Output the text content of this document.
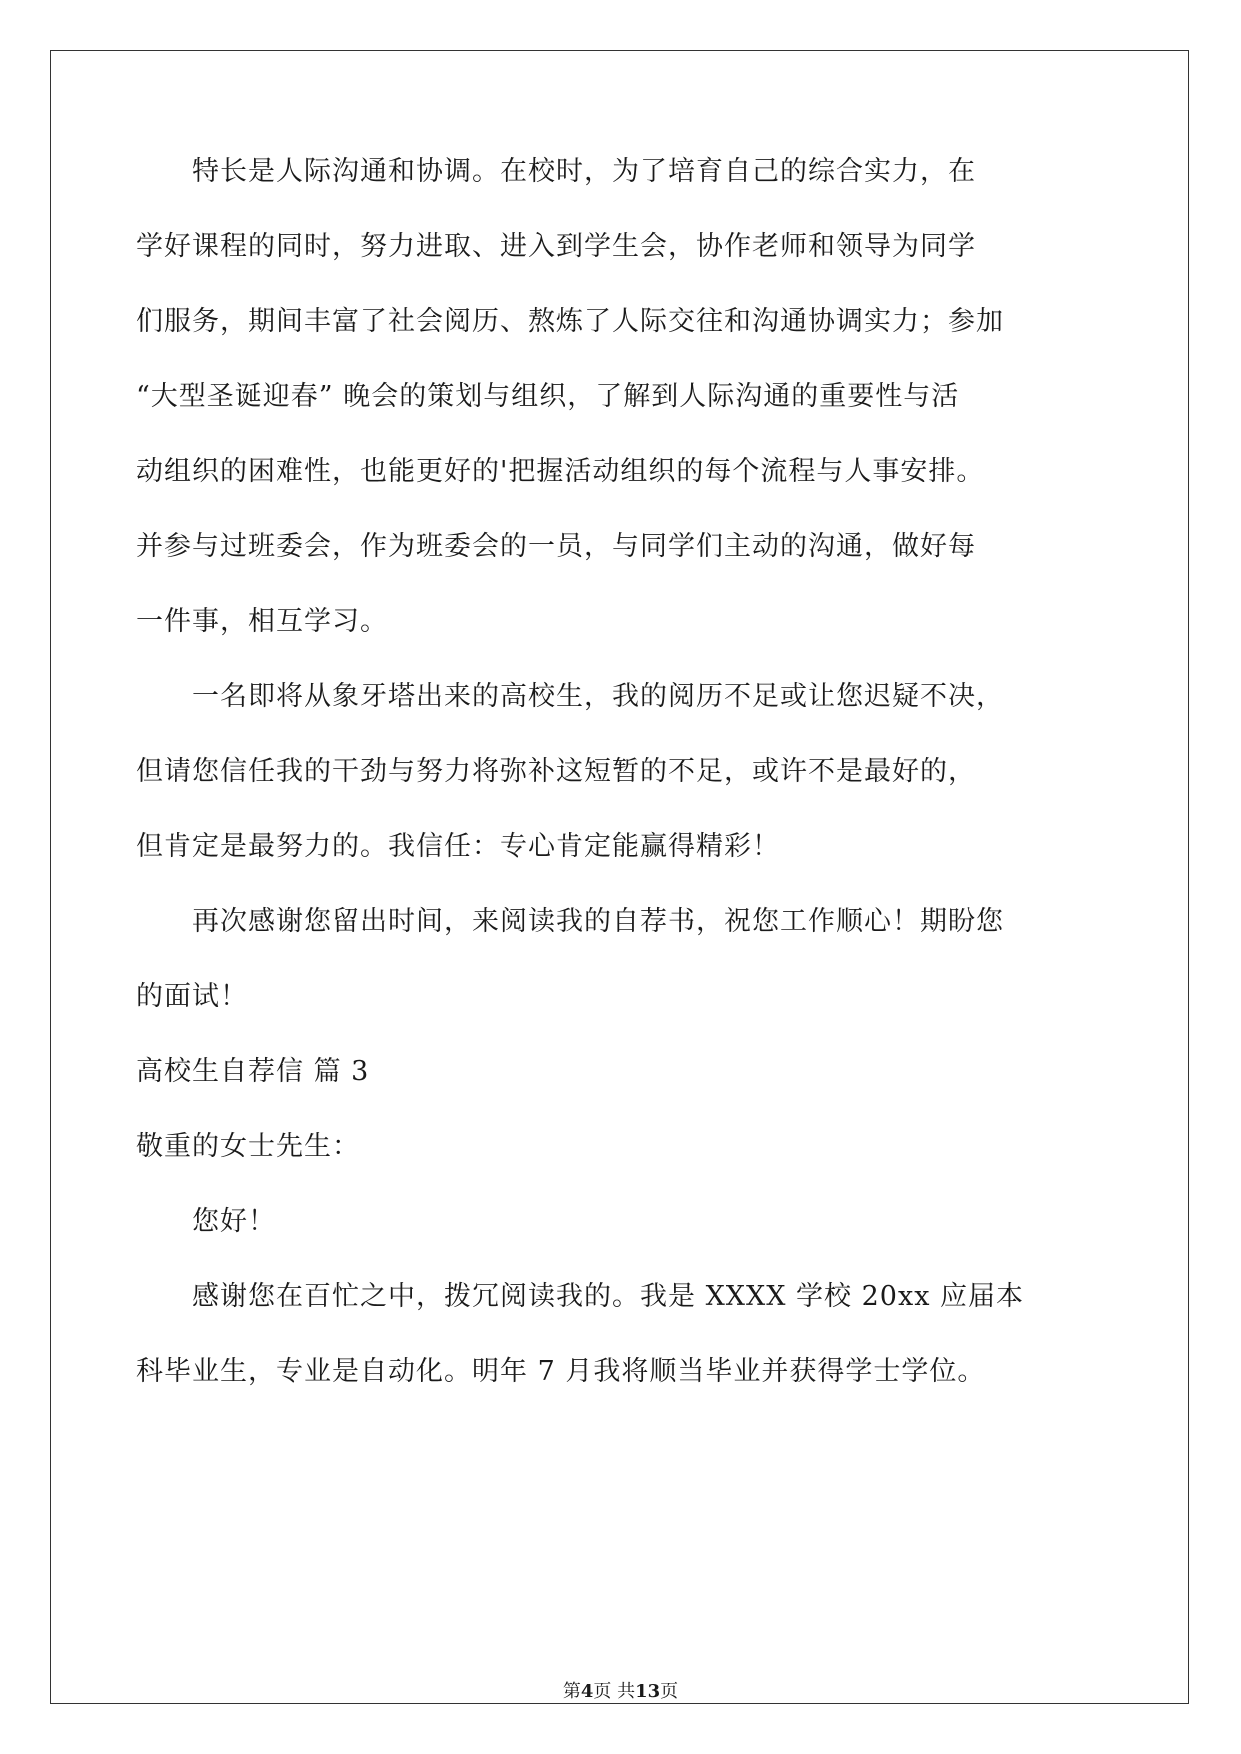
特长是人际沟通和协调。在校时，为了培育自己的综合实力，在
学好课程的同时，努力进取、进入到学生会，协作老师和领导为同学
们服务，期间丰富了社会阅历、熬炼了人际交往和沟通协调实力；参加
“大型圣诞迎春” 晚会的策划与组织，了解到人际沟通的重要性与活
动组织的困难性，也能更好的'把握活动组织的每个流程与人事安排。
并参与过班委会，作为班委会的一员，与同学们主动的沟通，做好每
一件事，相互学习。
一名即将从象牙塔出来的高校生，我的阅历不足或让您迟疑不决，
但请您信任我的干劲与努力将弥补这短暂的不足，或许不是最好的，
但肯定是最努力的。我信任：专心肯定能赢得精彩！
再次感谢您留出时间，来阅读我的自荐书，祝您工作顺心！期盼您
的面试！
高校生自荐信 篇 3
敬重的女士先生：
您好！
感谢您在百忙之中，拨冗阅读我的。我是 XXXX 学校 20xx 应届本
科毕业生，专业是自动化。明年 7 月我将顺当毕业并获得学士学位。
第4页 共13页
